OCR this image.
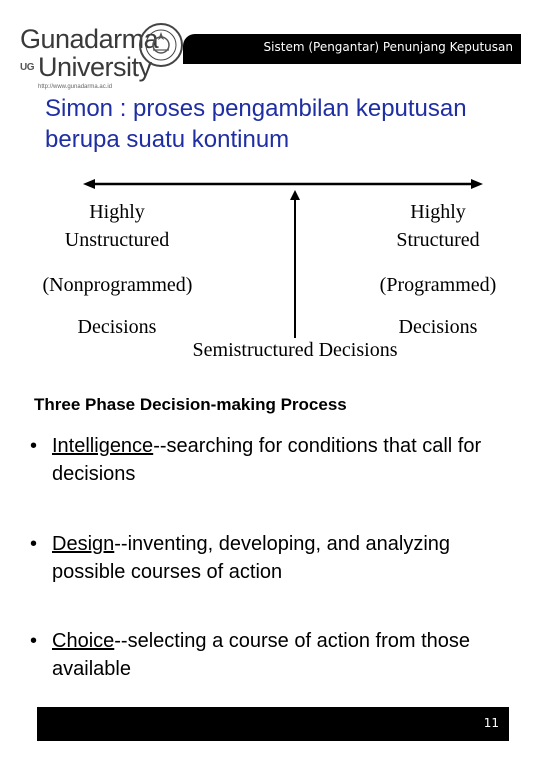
Gunadarma
UG University
http://www.gunadarma.ac.id
Sistem (Pengantar) Penunjang Keputusan
Simon : proses pengambilan keputusan berupa suatu kontinum
Highly
Unstructured
Highly
Structured
(Nonprogrammed)	(Programmed)
Decisions	Decisions
Semistructured Decisions
Three Phase Decision-making Process
• Intelligence--searching for conditions that call for decisions
• Design--inventing, developing, and analyzing possible courses of action
• Choice--selecting a course of action from those available
11
